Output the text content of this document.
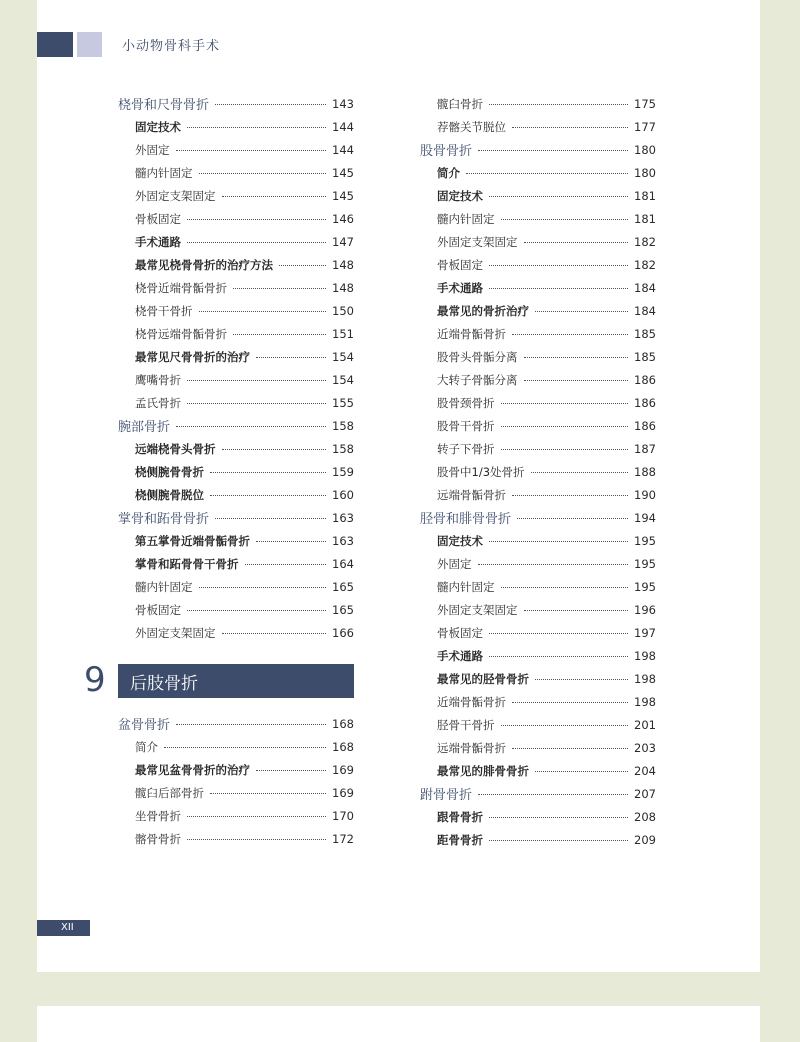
小动物骨科手术
桡骨和尺骨骨折	143
固定技术	144
外固定	144
髓内针固定	145
外固定支架固定	145
骨板固定	146
手术通路	147
最常见桡骨骨折的治疗方法	148
桡骨近端骨骺骨折	148
桡骨干骨折	150
桡骨远端骨骺骨折	151
最常见尺骨骨折的治疗	154
鹰嘴骨折	154
孟氏骨折	155
腕部骨折	158
远端桡骨头骨折	158
桡侧腕骨骨折	159
桡侧腕骨脱位	160
掌骨和跖骨骨折	163
第五掌骨近端骨骺骨折	163
掌骨和跖骨骨干骨折	164
髓内针固定	165
骨板固定	165
外固定支架固定	166
9 后肢骨折
盆骨骨折	168
简介	168
最常见盆骨骨折的治疗	169
髋臼后部骨折	169
坐骨骨折	170
髂骨骨折	172
髋臼骨折	175
荐髂关节脱位	177
股骨骨折	180
简介	180
固定技术	181
髓内针固定	181
外固定支架固定	182
骨板固定	182
手术通路	184
最常见的骨折治疗	184
近端骨骺骨折	185
股骨头骨骺分离	185
大转子骨骺分离	186
股骨颈骨折	186
股骨干骨折	186
转子下骨折	187
股骨中1/3处骨折	188
远端骨骺骨折	190
胫骨和腓骨骨折	194
固定技术	195
外固定	195
髓内针固定	195
外固定支架固定	196
骨板固定	197
手术通路	198
最常见的胫骨骨折	198
近端骨骺骨折	198
胫骨干骨折	201
远端骨骺骨折	203
最常见的腓骨骨折	204
跗骨骨折	207
跟骨骨折	208
距骨骨折	209
XII
